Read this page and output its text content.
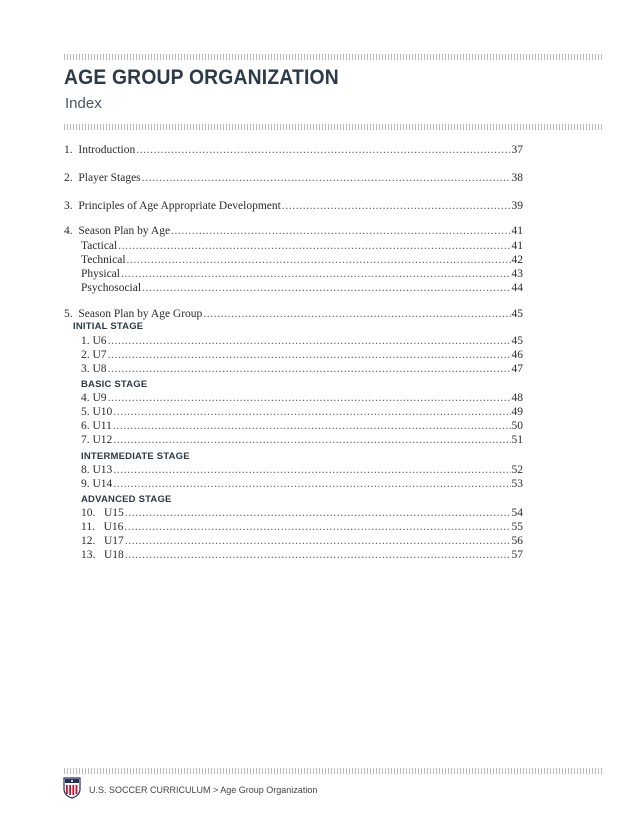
AGE GROUP ORGANIZATION
Index
1.
Introduction .....	37
2.
Player Stages .....	38
3.
Principles of Age Appropriate Development .....	39
4.
Season Plan by Age .....	41
Tactical .....	41
Technical .....	42
Physical .....	43
Psychosocial .....	44
5.
Season Plan by Age Group .....	45
INITIAL STAGE
1.
U6 .....	45
2.
U7 .....	46
3.
U8 .....	47
BASIC STAGE
4.
U9 .....	48
5.
U10 .....	49
6.
U11 .....	50
7.
U12 .....	51
INTERMEDIATE STAGE
8.
U13 .....	52
9.
U14 .....	53
ADVANCED STAGE
10.
U15 .....	54
11.
U16 .....	55
12.
U17 .....	56
13.
U18 .....	57
U.S. SOCCER CURRICULUM > Age Group Organization
